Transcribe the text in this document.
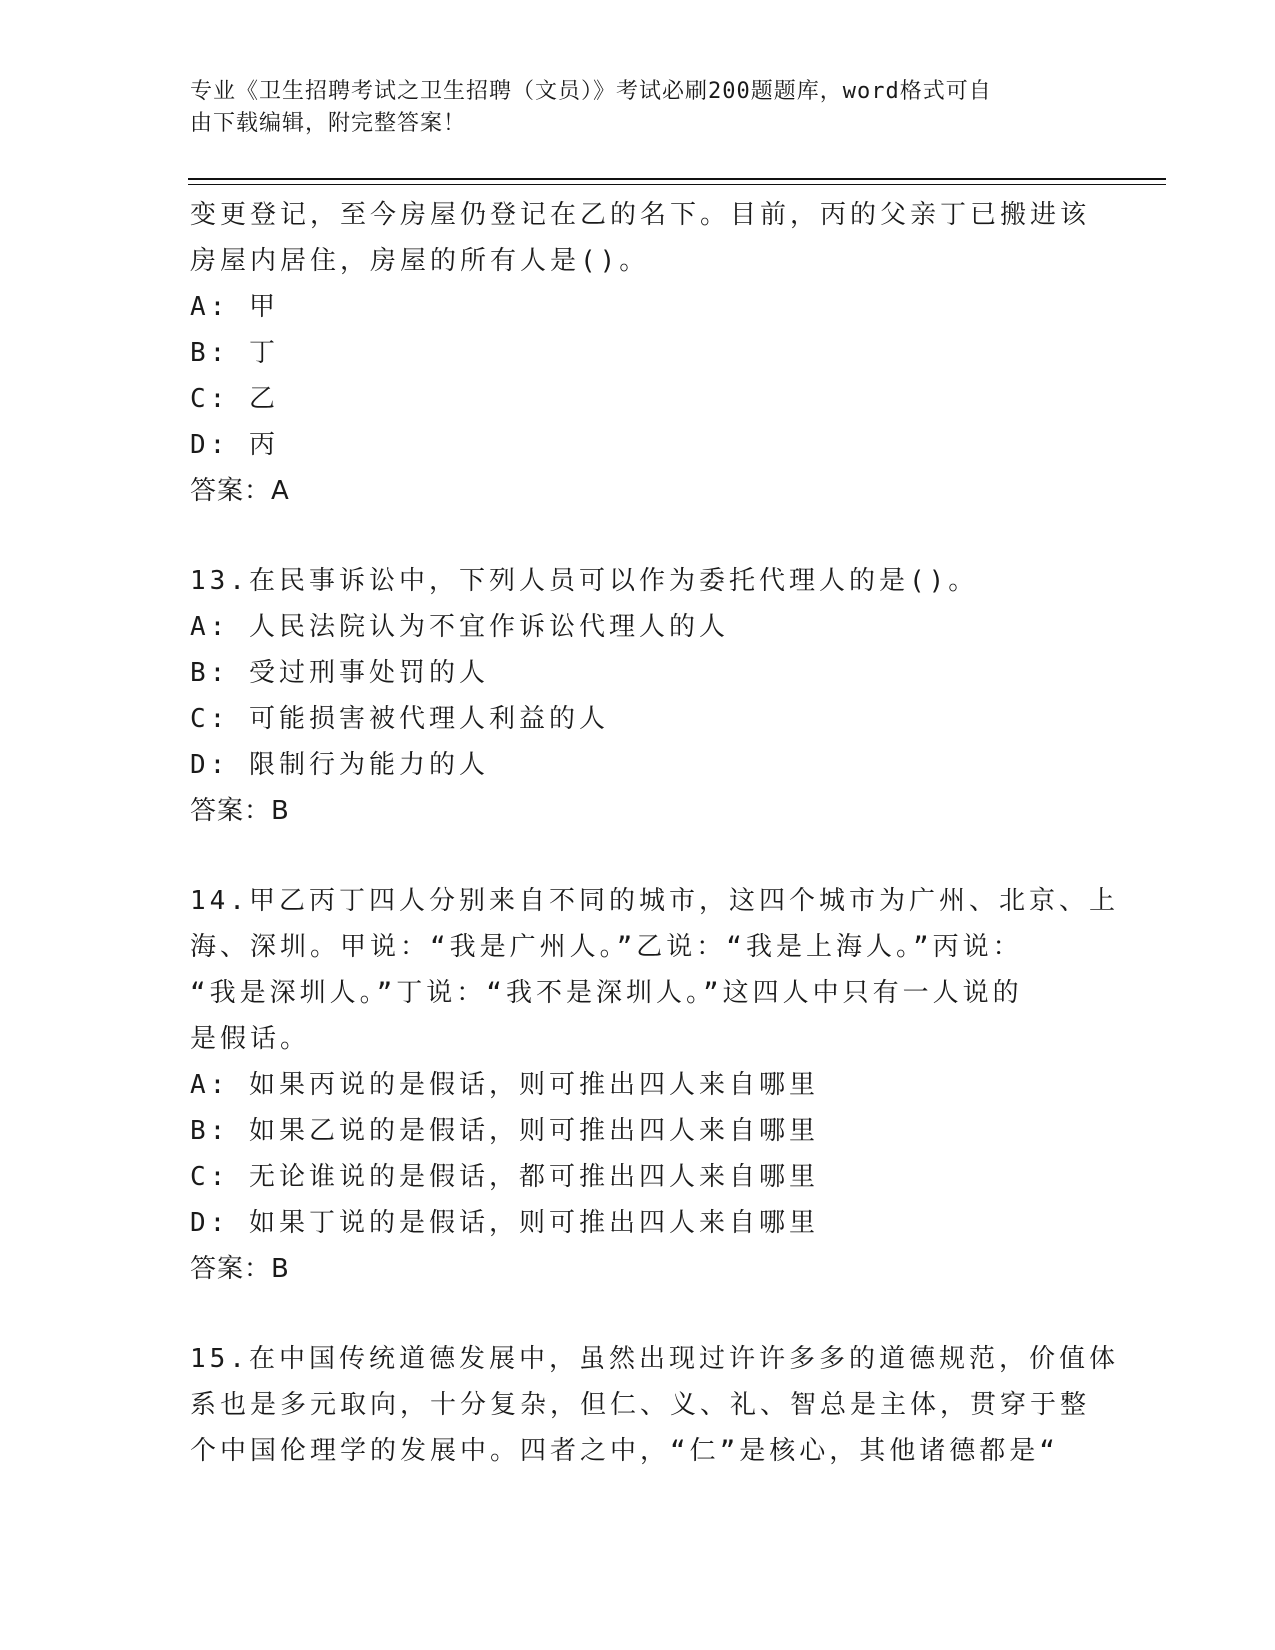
专业《卫生招聘考试之卫生招聘（文员）》考试必刷200题题库，word格式可自
由下载编辑，附完整答案！
变更登记，至今房屋仍登记在乙的名下。目前，丙的父亲丁已搬进该
房屋内居住，房屋的所有人是()。
A: 甲
B: 丁
C: 乙
D: 丙
答案：A
13.在民事诉讼中，下列人员可以作为委托代理人的是()。
A: 人民法院认为不宜作诉讼代理人的人
B: 受过刑事处罚的人
C: 可能损害被代理人利益的人
D: 限制行为能力的人
答案：B
14.甲乙丙丁四人分别来自不同的城市，这四个城市为广州、北京、上
海、深圳。甲说：“我是广州人。”乙说：“我是上海人。”丙说：
“我是深圳人。”丁说：“我不是深圳人。”这四人中只有一人说的
是假话。
A: 如果丙说的是假话，则可推出四人来自哪里
B: 如果乙说的是假话，则可推出四人来自哪里
C: 无论谁说的是假话，都可推出四人来自哪里
D: 如果丁说的是假话，则可推出四人来自哪里
答案：B
15.在中国传统道德发展中，虽然出现过许许多多的道德规范，价值体
系也是多元取向，十分复杂，但仁、义、礼、智总是主体，贯穿于整
个中国伦理学的发展中。四者之中，“仁”是核心，其他诸德都是“
